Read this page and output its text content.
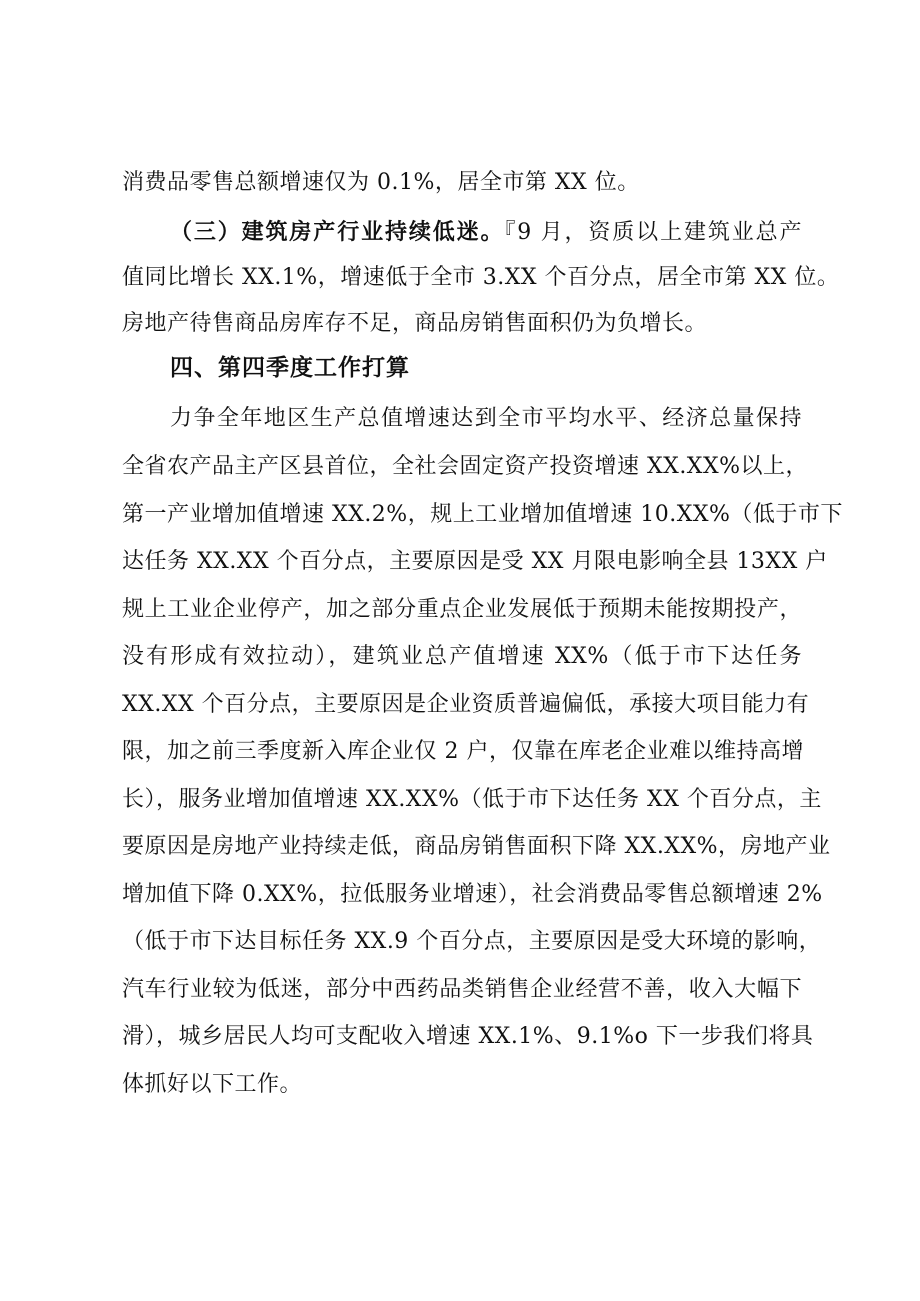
消费品零售总额增速仅为 0.1%，居全市第 XX 位。
（三）建筑房产行业持续低迷。『9 月，资质以上建筑业总产
值同比增长 XX.1%，增速低于全市 3.XX 个百分点，居全市第 XX 位。
房地产待售商品房库存不足，商品房销售面积仍为负增长。
四、第四季度工作打算
力争全年地区生产总值增速达到全市平均水平、经济总量保持
全省农产品主产区县首位，全社会固定资产投资增速 XX.XX%以上，
第一产业增加值增速 XX.2%，规上工业增加值增速 10.XX%（低于市下
达任务 XX.XX 个百分点，主要原因是受 XX 月限电影响全县 13XX 户
规上工业企业停产，加之部分重点企业发展低于预期未能按期投产，
没有形成有效拉动），建筑业总产值增速 XX%（低于市下达任务
XX.XX 个百分点，主要原因是企业资质普遍偏低，承接大项目能力有
限，加之前三季度新入库企业仅 2 户，仅靠在库老企业难以维持高增
长），服务业增加值增速 XX.XX%（低于市下达任务 XX 个百分点，主
要原因是房地产业持续走低，商品房销售面积下降 XX.XX%，房地产业
增加值下降 0.XX%，拉低服务业增速），社会消费品零售总额增速 2%
（低于市下达目标任务 XX.9 个百分点，主要原因是受大环境的影响，
汽车行业较为低迷，部分中西药品类销售企业经营不善，收入大幅下
滑），城乡居民人均可支配收入增速 XX.1%、9.1%o 下一步我们将具
体抓好以下工作。
